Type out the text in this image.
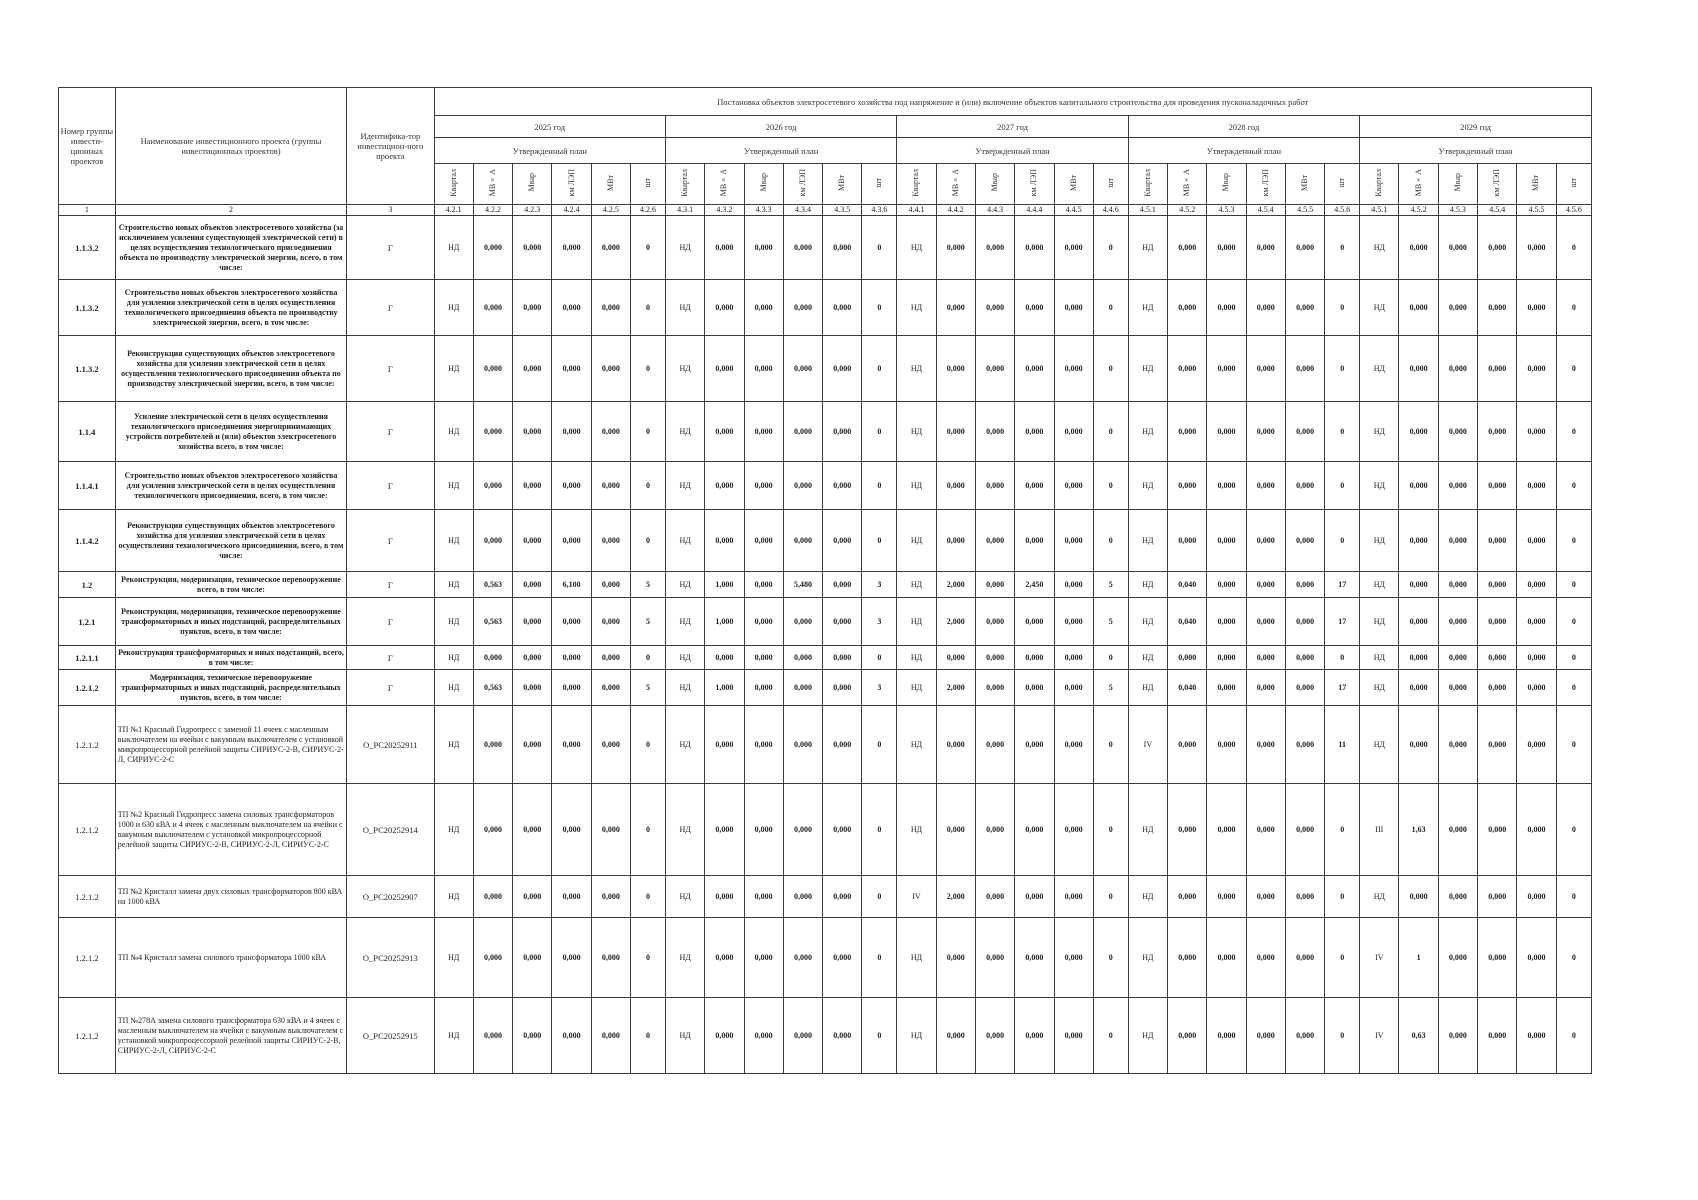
Номер группы инвести-ционных проектов	Наименование инвестиционного проекта (группы инвестиционных проектов)	Идентифика-тор инвестицион-ного проекта	Постановка объектов электросетевого хозяйства под напряжение и (или) включение объектов капитального строительства для проведения пусконаладочных работ																													
			2025 год						2026 год						2027 год						2028 год						2029 год					
			Утвержденный план						Утвержденный план						Утвержденный план						Утвержденный план						Утвержденный план					
			Квартал	МВ×А	Мвар	км ЛЭП	МВт	шт	Квартал	МВ×А	Мвар	км ЛЭП	МВт	шт	Квартал	МВ×А	Мвар	км ЛЭП	МВт	шт	Квартал	МВ×А	Мвар	км ЛЭП	МВт	шт	Квартал	МВ×А	Мвар	км ЛЭП	МВт	шт
1	2	3	4.2.1	4.2.2	4.2.3	4.2.4	4.2.5	4.2.6	4.3.1	4.3.2	4.3.3	4.3.4	4.3.5	4.3.6	4.4.1	4.4.2	4.4.3	4.4.4	4.4.5	4.4.6	4.5.1	4.5.2	4.5.3	4.5.4	4.5.5	4.5.6	4.5.1	4.5.2	4.5.3	4.5.4	4.5.5	4.5.6
1.1.3.2	Строительство новых объектов электросетевого хозяйства (за исключением усиления существующей электрической сети) в целях осуществления технологического присоединения объекта по производству электрической энергии, всего, в том числе:	Г	НД	0,000	0,000	0,000	0,000	0	НД	0,000	0,000	0,000	0,000	0	НД	0,000	0,000	0,000	0,000	0	НД	0,000	0,000	0,000	0,000	0	НД	0,000	0,000	0,000	0,000	0
1.1.3.2	Строительство новых объектов электросетевого хозяйства для усиления электрической сети в целях осуществления технологического присоединения объекта по производству электрической энергии, всего, в том числе:	Г	НД	0,000	0,000	0,000	0,000	0	НД	0,000	0,000	0,000	0,000	0	НД	0,000	0,000	0,000	0,000	0	НД	0,000	0,000	0,000	0,000	0	НД	0,000	0,000	0,000	0,000	0
1.1.3.2	Реконструкция существующих объектов электросетевого хозяйства для усиления электрической сети в целях осуществления технологического присоединения объекта по производству электрической энергии, всего, в том числе:	Г	НД	0,000	0,000	0,000	0,000	0	НД	0,000	0,000	0,000	0,000	0	НД	0,000	0,000	0,000	0,000	0	НД	0,000	0,000	0,000	0,000	0	НД	0,000	0,000	0,000	0,000	0
1.1.4	Усиление электрической сети в целях осуществления технологического присоединения энергопринимающих устройств потребителей и (или) объектов электросетевого хозяйства всего, в том числе:	Г	НД	0,000	0,000	0,000	0,000	0	НД	0,000	0,000	0,000	0,000	0	НД	0,000	0,000	0,000	0,000	0	НД	0,000	0,000	0,000	0,000	0	НД	0,000	0,000	0,000	0,000	0
1.1.4.1	Строительство новых объектов электросетевого хозяйства для усиления электрической сети в целях осуществления технологического присоединения, всего, в том числе:	Г	НД	0,000	0,000	0,000	0,000	0	НД	0,000	0,000	0,000	0,000	0	НД	0,000	0,000	0,000	0,000	0	НД	0,000	0,000	0,000	0,000	0	НД	0,000	0,000	0,000	0,000	0
1.1.4.2	Реконструкция существующих объектов электросетевого хозяйства для усиления электрической сети в целях осуществления технологического присоединения, всего, в том числе:	Г	НД	0,000	0,000	0,000	0,000	0	НД	0,000	0,000	0,000	0,000	0	НД	0,000	0,000	0,000	0,000	0	НД	0,000	0,000	0,000	0,000	0	НД	0,000	0,000	0,000	0,000	0
1.2	Реконструкция, модернизация, техническое перевооружение всего, в том числе:	Г	НД	0,563	0,000	6,100	0,000	5	НД	1,000	0,000	5,480	0,000	3	НД	2,000	0,000	2,450	0,000	5	НД	0,040	0,000	0,000	0,000	17	НД	0,000	0,000	0,000	0,000	0
1.2.1	Реконструкция, модернизация, техническое перевооружение трансформаторных и иных подстанций, распределительных пунктов, всего, в том числе:	Г	НД	0,563	0,000	0,000	0,000	5	НД	1,000	0,000	0,000	0,000	3	НД	2,000	0,000	0,000	0,000	5	НД	0,040	0,000	0,000	0,000	17	НД	0,000	0,000	0,000	0,000	0
1.2.1.1	Реконструкция трансформаторных и иных подстанций, всего, в том числе:	Г	НД	0,000	0,000	0,000	0,000	0	НД	0,000	0,000	0,000	0,000	0	НД	0,000	0,000	0,000	0,000	0	НД	0,000	0,000	0,000	0,000	0	НД	0,000	0,000	0,000	0,000	0
1.2.1.2	Модернизация, техническое перевооружение трансформаторных и иных подстанций, распределительных пунктов, всего, в том числе:	Г	НД	0,563	0,000	0,000	0,000	5	НД	1,000	0,000	0,000	0,000	3	НД	2,000	0,000	0,000	0,000	5	НД	0,040	0,000	0,000	0,000	17	НД	0,000	0,000	0,000	0,000	0
1.2.1.2	ТП №1 Красный Гидропресс с заменой 11 ячеек с масленным выключателем на ячейки с вакумным выключателем с установкой микропроцессорной релейной защиты СИРИУС-2-В, СИРИУС-2-Л, СИРИУС-2-С	О_РС20252911	НД	0,000	0,000	0,000	0,000	0	НД	0,000	0,000	0,000	0,000	0	НД	0,000	0,000	0,000	0,000	0	IV	0,000	0,000	0,000	0,000	11	НД	0,000	0,000	0,000	0,000	0
1.2.1.2	ТП №2 Красный Гидропресс замена силовых трансформаторов 1000 и 630 кВА и 4 ячеек с масленным выключателем на ячейки с вакумным выключателем с установкой микропроцессорной релейной защиты СИРИУС-2-В, СИРИУС-2-Л, СИРИУС-2-С	О_РС20252914	НД	0,000	0,000	0,000	0,000	0	НД	0,000	0,000	0,000	0,000	0	НД	0,000	0,000	0,000	0,000	0	НД	0,000	0,000	0,000	0,000	0	III	1,63	0,000	0,000	0,000	0
1.2.1.2	ТП №2 Кристалл замена двух силовых трансформаторов 800 кВА на 1000 кВА	О_РС20252907	НД	0,000	0,000	0,000	0,000	0	НД	0,000	0,000	0,000	0,000	0	IV	2,000	0,000	0,000	0,000	0	НД	0,000	0,000	0,000	0,000	0	НД	0,000	0,000	0,000	0,000	0
1.2.1.2	ТП №4 Кристалл замена силового трансформатора 1000 кВА	О_РС20252913	НД	0,000	0,000	0,000	0,000	0	НД	0,000	0,000	0,000	0,000	0	НД	0,000	0,000	0,000	0,000	0	НД	0,000	0,000	0,000	0,000	0	IV	1	0,000	0,000	0,000	0
1.2.1.2	ТП №278А замена силового трансформатора 630 кВА и 4 ячеек с масленным выключателем на ячейки с вакумным выключателем с установкой микропроцессорной релейной защиты СИРИУС-2-В, СИРИУС-2-Л, СИРИУС-2-С	О_РС20252915	НД	0,000	0,000	0,000	0,000	0	НД	0,000	0,000	0,000	0,000	0	НД	0,000	0,000	0,000	0,000	0	НД	0,000	0,000	0,000	0,000	0	IV	0,63	0,000	0,000	0,000	0
